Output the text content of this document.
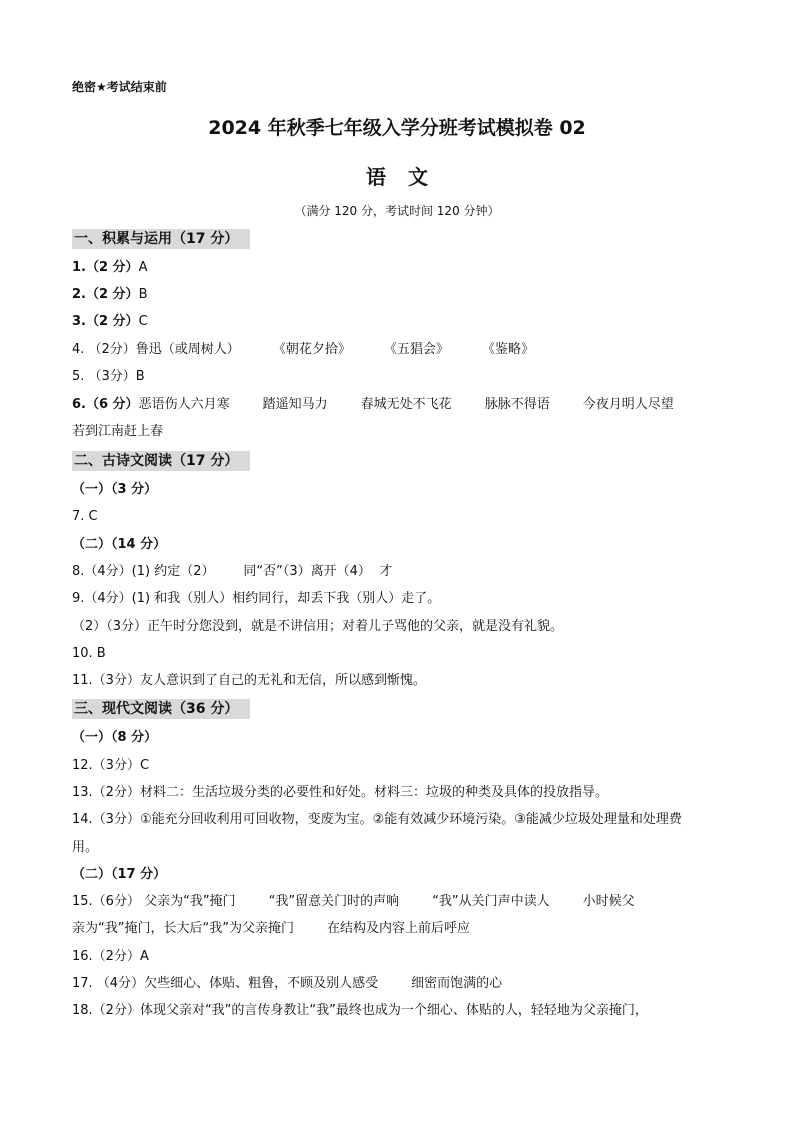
绝密★考试结束前
2024 年秋季七年级入学分班考试模拟卷 02
语文
（满分 120 分，考试时间 120 分钟）
一、积累与运用（17 分）
1.（2 分）A
2.（2 分）B
3.（2 分）C
4. （2分）鲁迅（或周树人）        《朝花夕拾》        《五猖会》        《鉴略》
5. （3分）B
6.（6 分）恶语伤人六月寒        踏遥知马力        春城无处不飞花        脉脉不得语        今夜月明人尽望
若到江南赶上春
二、古诗文阅读（17 分）
（一）（3 分）
7. C
（二）（14 分）
8.（4分）(1) 约定（2）       同“否”（3）离开（4）  才
9.（4分）(1) 和我（别人）相约同行，却丢下我（别人）走了。
（2）（3分）正午时分您没到，就是不讲信用；对着儿子骂他的父亲，就是没有礼貌。
10. B
11.（3分）友人意识到了自己的无礼和无信，所以感到惭愧。
三、现代文阅读（36 分）
（一）（8 分）
12.（3分）C
13.（2分）材料二：生活垃圾分类的必要性和好处。材料三：垃圾的种类及具体的投放指导。
14.（3分）①能充分回收利用可回收物，变废为宝。②能有效减少环境污染。③能减少垃圾处理量和处理费
用。
（二）（17 分）
15.（6分） 父亲为“我”掩门        “我”留意关门时的声响        “我”从关门声中读人        小时候父
亲为“我”掩门，长大后“我”为父亲掩门        在结构及内容上前后呼应
16.（2分）A
17. （4分）欠些细心、体贴、粗鲁，不顾及别人感受        细密而饱满的心
18.（2分）体现父亲对“我”的言传身教让“我”最终也成为一个细心、体贴的人，轻轻地为父亲掩门，
